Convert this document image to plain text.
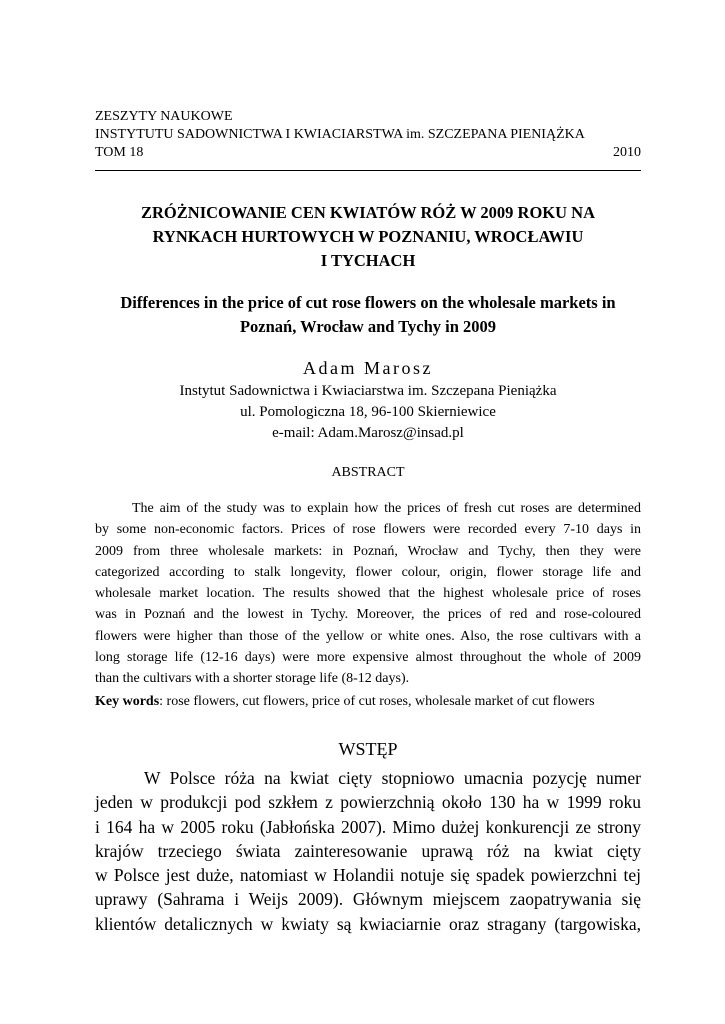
ZESZYTY NAUKOWE
INSTYTUTU SADOWNICTWA I KWIACIARSTWA im. SZCZEPANA PIENIĄŻKA
TOM 18	2010
ZRÓŻNICOWANIE CEN KWIATÓW RÓŻ W 2009 ROKU NA
RYNKACH HURTOWYCH W POZNANIU, WROCŁAWIU
I TYCHACH
Differences in the price of cut rose flowers on the wholesale markets in
Poznań, Wrocław and Tychy in 2009
Adam Marosz
Instytut Sadownictwa i Kwiaciarstwa im. Szczepana Pieniążka
ul. Pomologiczna 18, 96-100 Skierniewice
e-mail: Adam.Marosz@insad.pl
ABSTRACT
The aim of the study was to explain how the prices of fresh cut roses are determined
by some non-economic factors. Prices of rose flowers were recorded every 7-10 days in
2009 from three wholesale markets: in Poznań, Wrocław and Tychy, then they were
categorized according to stalk longevity, flower colour, origin, flower storage life and
wholesale market location. The results showed that the highest wholesale price of roses
was in Poznań and the lowest in Tychy. Moreover, the prices of red and rose-coloured
flowers were higher than those of the yellow or white ones. Also, the rose cultivars with a
long storage life (12-16 days) were more expensive almost throughout the whole of 2009
than the cultivars with a shorter storage life (8-12 days).
Key words: rose flowers, cut flowers, price of cut roses, wholesale market of cut flowers
WSTĘP
W Polsce róża na kwiat cięty stopniowo umacnia pozycję numer
jeden w produkcji pod szkłem z powierzchnią około 130 ha w 1999 roku
i 164 ha w 2005 roku (Jabłońska 2007). Mimo dużej konkurencji ze strony
krajów trzeciego świata zainteresowanie uprawą róż na kwiat cięty
w Polsce jest duże, natomiast w Holandii notuje się spadek powierzchni tej
uprawy (Sahrama i Weijs 2009). Głównym miejscem zaopatrywania się
klientów detalicznych w kwiaty są kwiaciarnie oraz stragany (targowiska,
